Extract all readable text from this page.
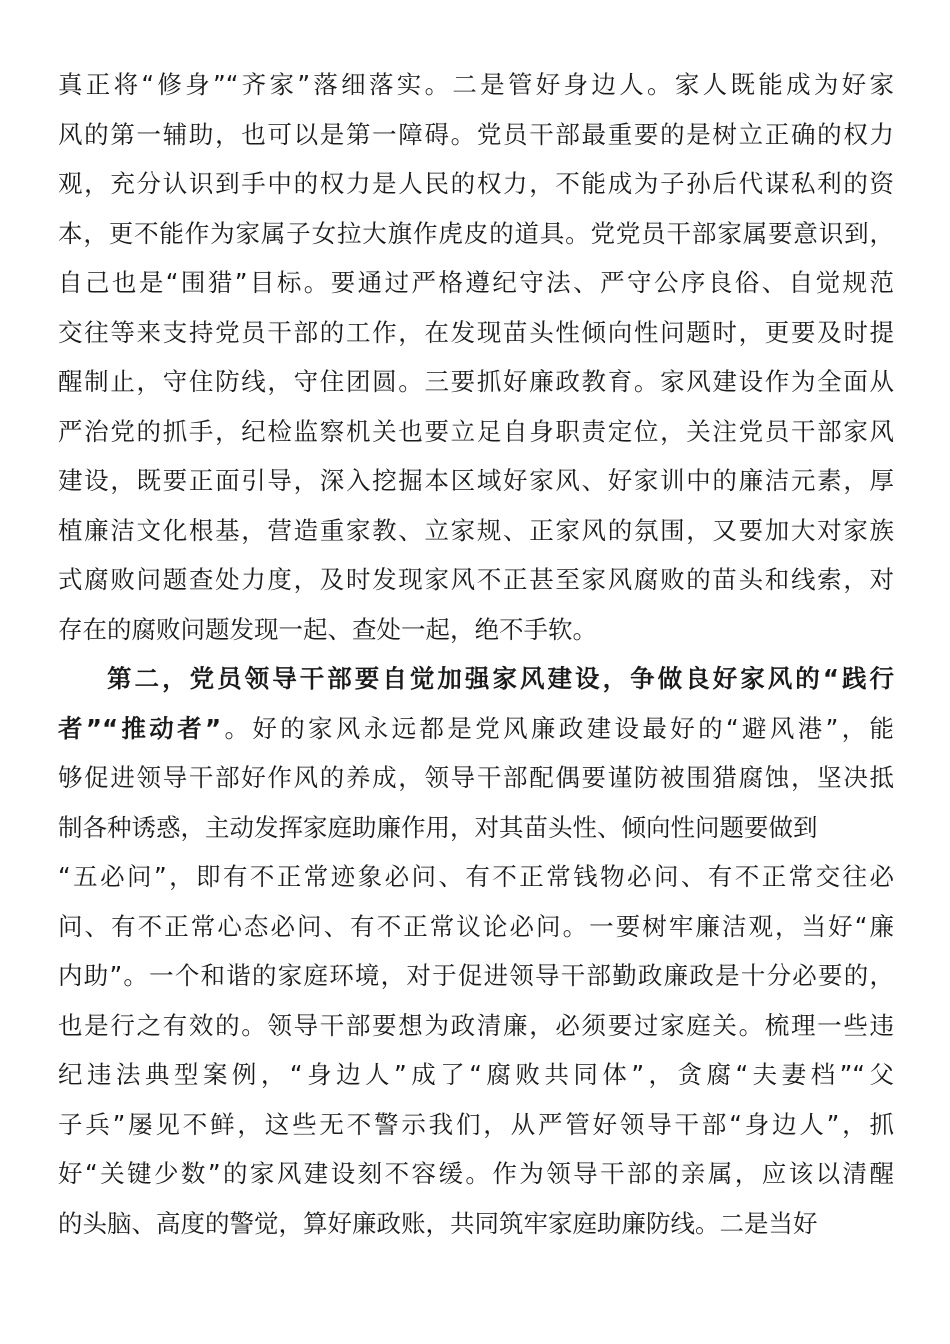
真正将“修身”“齐家”落细落实。二是管好身边人。家人既能成为好家
风的第一辅助，也可以是第一障碍。党员干部最重要的是树立正确的权力
观，充分认识到手中的权力是人民的权力，不能成为子孙后代谋私利的资
本，更不能作为家属子女拉大旗作虎皮的道具。党党员干部家属要意识到，
自己也是“围猎”目标。要通过严格遵纪守法、严守公序良俗、自觉规范
交往等来支持党员干部的工作，在发现苗头性倾向性问题时，更要及时提
醒制止，守住防线，守住团圆。三要抓好廉政教育。家风建设作为全面从
严治党的抓手，纪检监察机关也要立足自身职责定位，关注党员干部家风
建设，既要正面引导，深入挖掘本区域好家风、好家训中的廉洁元素，厚
植廉洁文化根基，营造重家教、立家规、正家风的氛围，又要加大对家族
式腐败问题查处力度，及时发现家风不正甚至家风腐败的苗头和线索，对
存在的腐败问题发现一起、查处一起，绝不手软。
第二，党员领导干部要自觉加强家风建设，争做良好家风的“践行
者”“推动者”。好的家风永远都是党风廉政建设最好的“避风港”，能
够促进领导干部好作风的养成，领导干部配偶要谨防被围猎腐蚀，坚决抵
制各种诱惑，主动发挥家庭助廉作用，对其苗头性、倾向性问题要做到
“五必问”，即有不正常迹象必问、有不正常钱物必问、有不正常交往必
问、有不正常心态必问、有不正常议论必问。一要树牢廉洁观，当好“廉
内助”。一个和谐的家庭环境，对于促进领导干部勤政廉政是十分必要的，
也是行之有效的。领导干部要想为政清廉，必须要过家庭关。梳理一些违
纪违法典型案例，“身边人”成了“腐败共同体”，贪腐“夫妻档”“父
子兵”屡见不鲜，这些无不警示我们，从严管好领导干部“身边人”，抓
好“关键少数”的家风建设刻不容缓。作为领导干部的亲属，应该以清醒
的头脑、高度的警觉，算好廉政账，共同筑牢家庭助廉防线。二是当好
